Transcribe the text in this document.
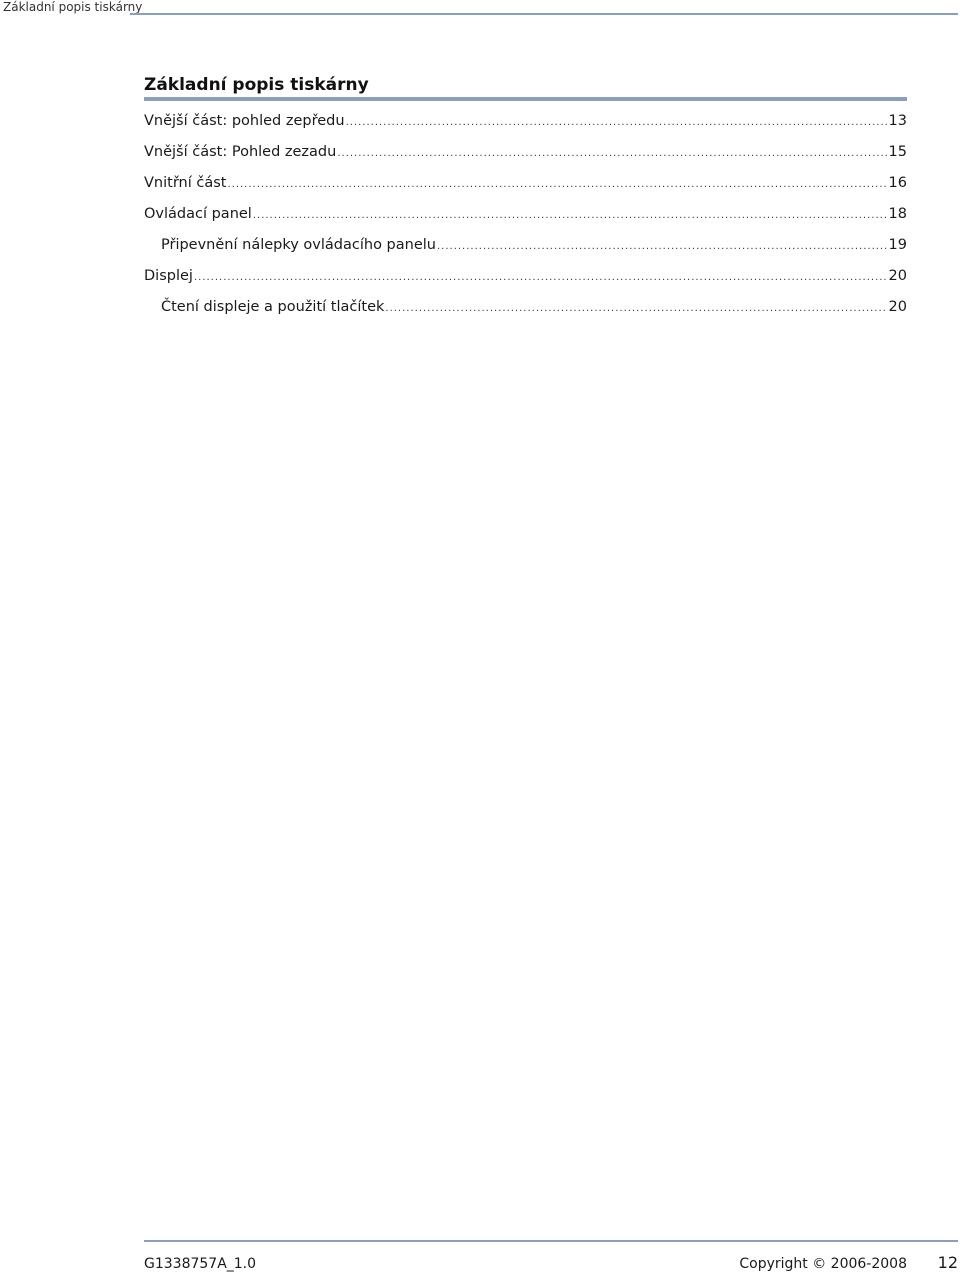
Základní popis tiskárny
Základní popis tiskárny
Vnější část: pohled zepředu .....	13
Vnější část: Pohled zezadu .....	15
Vnitřní část .....	16
Ovládací panel .....	18
Připevnění nálepky ovládacího panelu .....	19
Displej .....	20
Čtení displeje a použití tlačítek .....	20
G1338757A_1.0	Copyright © 2006-2008 12
